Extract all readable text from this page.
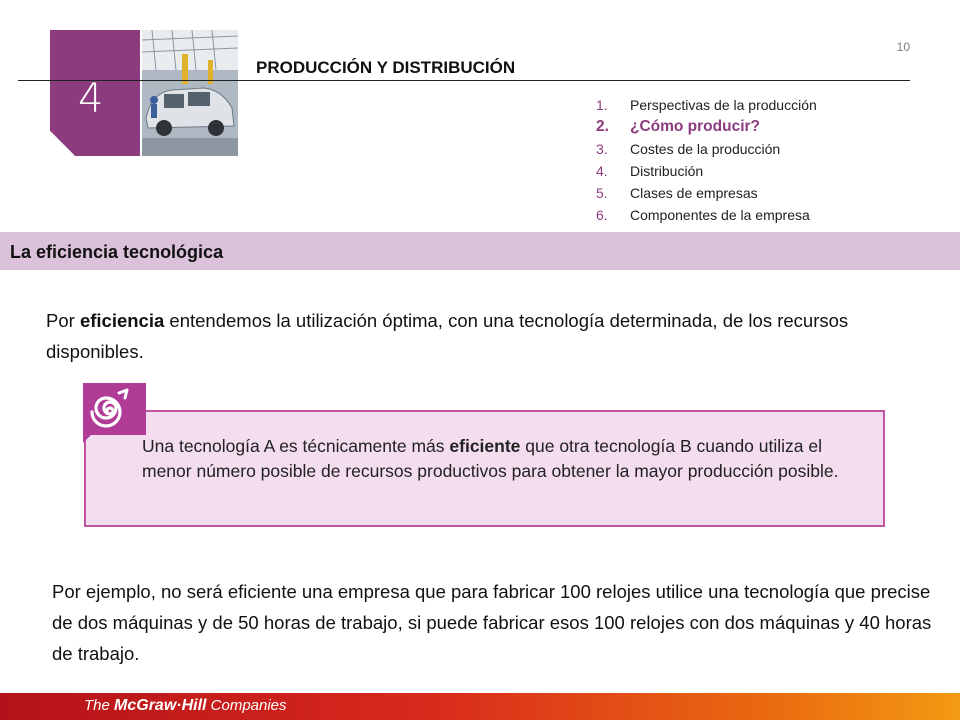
10
4
PRODUCCIÓN Y DISTRIBUCIÓN
1. Perspectivas de la producción
2. ¿Cómo producir?
3. Costes de la producción
4. Distribución
5. Clases de empresas
6. Componentes de la empresa
La eficiencia tecnológica
Por eficiencia entendemos la utilización óptima, con una tecnología determinada, de los recursos disponibles.
Una tecnología A es técnicamente más eficiente que otra tecnología B cuando utiliza el menor número posible de recursos productivos para obtener la mayor producción posible.
Por ejemplo, no será eficiente una empresa que para fabricar 100 relojes utilice una tecnología que precise de dos máquinas y de 50 horas de trabajo, si puede fabricar esos 100 relojes con dos máquinas y 40 horas de trabajo.
The McGraw·Hill Companies
